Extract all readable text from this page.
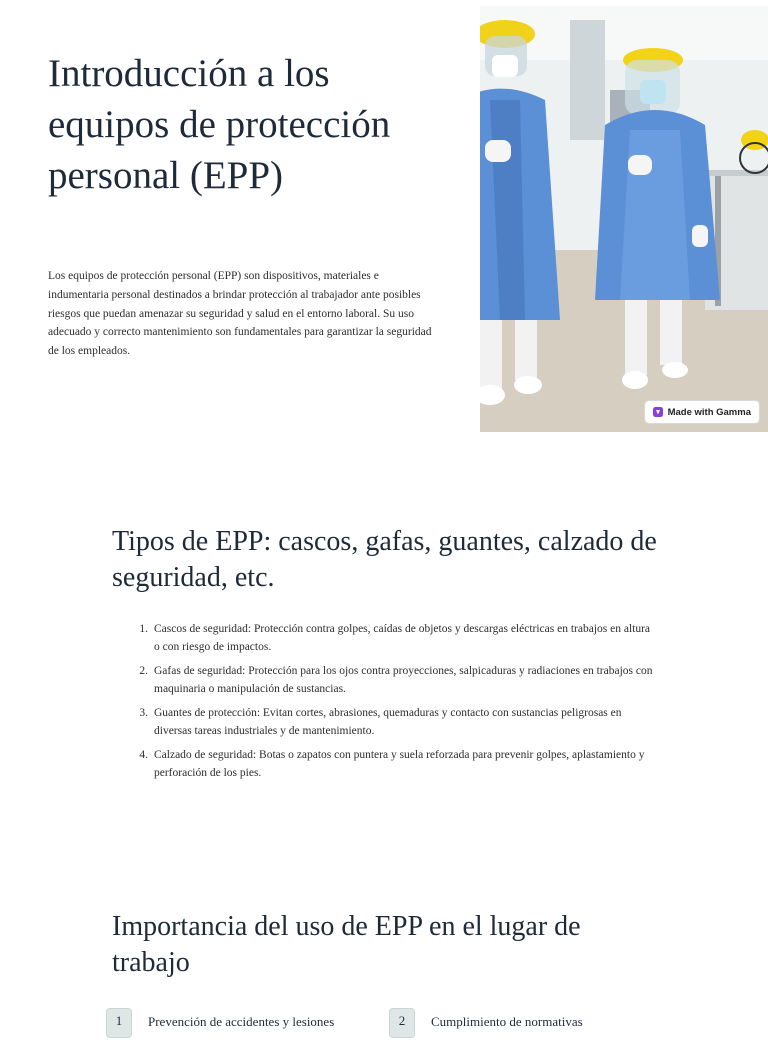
Introducción a los equipos de protección personal (EPP)

Los equipos de protección personal (EPP) son dispositivos, materiales e indumentaria personal destinados a brindar protección al trabajador ante posibles riesgos que puedan amenazar su seguridad y salud en el entorno laboral. Su uso adecuado y correcto mantenimiento son fundamentales para garantizar la seguridad de los empleados.

Made with Gamma
Tipos de EPP: cascos, gafas, guantes, calzado de seguridad, etc.
1. Cascos de seguridad: Protección contra golpes, caídas de objetos y descargas eléctricas en trabajos en altura o con riesgo de impactos.
2. Gafas de seguridad: Protección para los ojos contra proyecciones, salpicaduras y radiaciones en trabajos con maquinaria o manipulación de sustancias.
3. Guantes de protección: Evitan cortes, abrasiones, quemaduras y contacto con sustancias peligrosas en diversas tareas industriales y de mantenimiento.
4. Calzado de seguridad: Botas o zapatos con puntera y suela reforzada para prevenir golpes, aplastamiento y perforación de los pies.
Importancia del uso de EPP en el lugar de trabajo
1	Prevención de accidentes y lesiones	2	Cumplimiento de normativas
